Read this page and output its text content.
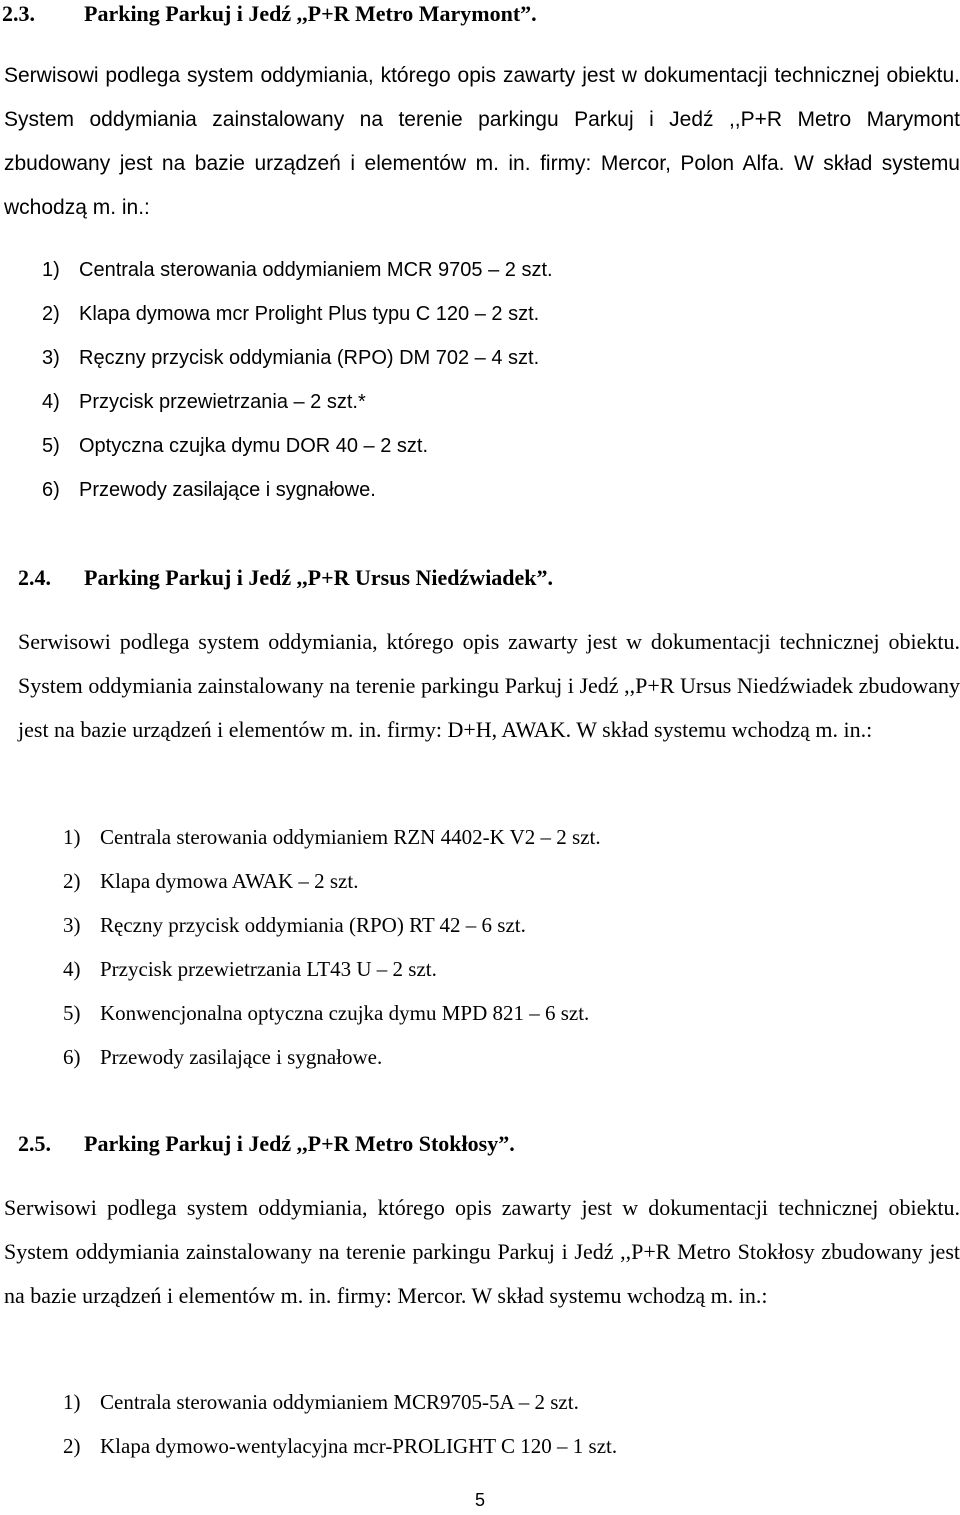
2.3. Parking Parkuj i Jedź ,,P+R Metro Marymont”.

Serwisowi podlega system oddymiania, którego opis zawarty jest w dokumentacji technicznej obiektu. System oddymiania zainstalowany na terenie parkingu Parkuj i Jedź ,,P+R Metro Marymont zbudowany jest na bazie urządzeń i elementów m. in. firmy: Mercor, Polon Alfa. W skład systemu wchodzą m. in.:

1) Centrala sterowania oddymianiem MCR 9705 – 2 szt.
2) Klapa dymowa mcr Prolight Plus typu C 120 – 2 szt.
3) Ręczny przycisk oddymiania (RPO) DM 702 – 4 szt.
4) Przycisk przewietrzania – 2 szt.*
5) Optyczna czujka dymu DOR 40 – 2 szt.
6) Przewody zasilające i sygnałowe.
2.4. Parking Parkuj i Jedź ,,P+R Ursus Niedźwiadek”.

Serwisowi podlega system oddymiania, którego opis zawarty jest w dokumentacji technicznej obiektu. System oddymiania zainstalowany na terenie parkingu Parkuj i Jedź ,,P+R Ursus Niedźwiadek zbudowany jest na bazie urządzeń i elementów m. in. firmy: D+H, AWAK. W skład systemu wchodzą m. in.:

1) Centrala sterowania oddymianiem RZN 4402-K V2 – 2 szt.
2) Klapa dymowa AWAK – 2 szt.
3) Ręczny przycisk oddymiania (RPO) RT 42 – 6 szt.
4) Przycisk przewietrzania LT43 U – 2 szt.
5) Konwencjonalna optyczna czujka dymu MPD 821 – 6 szt.
6) Przewody zasilające i sygnałowe.
2.5. Parking Parkuj i Jedź ,,P+R Metro Stokłosy”.

Serwisowi podlega system oddymiania, którego opis zawarty jest w dokumentacji technicznej obiektu. System oddymiania zainstalowany na terenie parkingu Parkuj i Jedź ,,P+R Metro Stokłosy zbudowany jest na bazie urządzeń i elementów m. in. firmy: Mercor. W skład systemu wchodzą m. in.:

1) Centrala sterowania oddymianiem MCR9705-5A – 2 szt.
2) Klapa dymowo-wentylacyjna mcr-PROLIGHT C 120 – 1 szt.
5
